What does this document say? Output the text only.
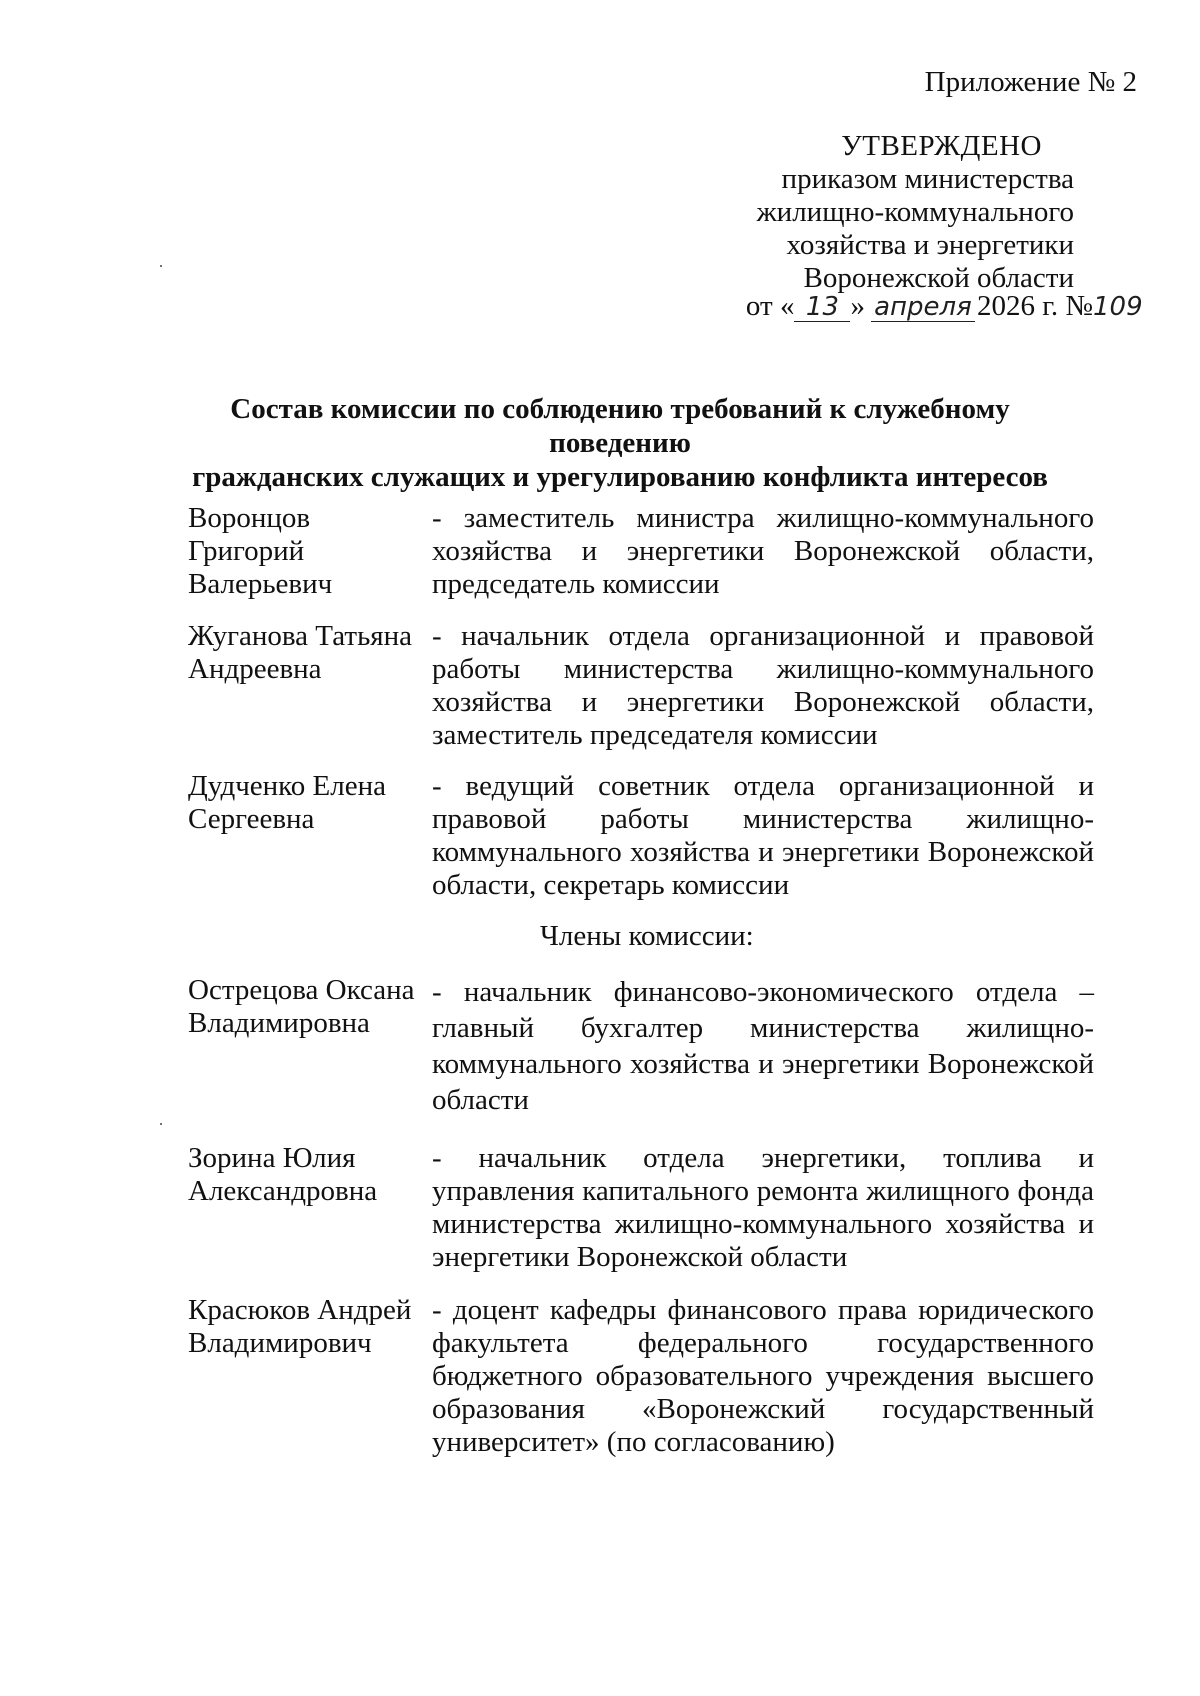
Приложение № 2
УТВЕРЖДЕНО
приказом министерства
жилищно-коммунального
хозяйства и энергетики
Воронежской области
от « 13 » апреля 2026 г. №109
Состав комиссии по соблюдению требований к служебному поведению
гражданских служащих и урегулированию конфликта интересов
Воронцов
Григорий
Валерьевич
- заместитель министра жилищно-коммунального хозяйства и энергетики Воронежской области, председатель комиссии
Жуганова Татьяна
Андреевна
- начальник отдела организационной и правовой работы министерства жилищно-коммунального хозяйства и энергетики Воронежской области, заместитель председателя комиссии
Дудченко Елена
Сергеевна
- ведущий советник отдела организационной и правовой работы министерства жилищно-коммунального хозяйства и энергетики Воронежской области, секретарь комиссии
Члены комиссии:
Острецова Оксана
Владимировна
- начальник финансово-экономического отдела – главный бухгалтер министерства жилищно-коммунального хозяйства и энергетики Воронежской области
Зорина Юлия
Александровна
- начальник отдела энергетики, топлива и управления капитального ремонта жилищного фонда министерства жилищно-коммунального хозяйства и энергетики Воронежской области
Красюков Андрей
Владимирович
- доцент кафедры финансового права юридического факультета федерального государственного бюджетного образовательного учреждения высшего образования «Воронежский государственный университет» (по согласованию)
